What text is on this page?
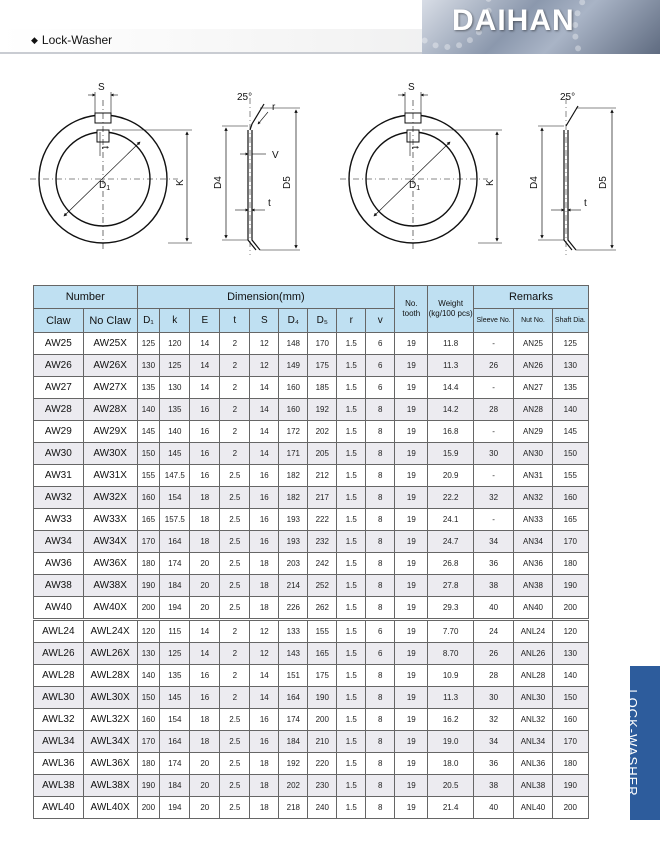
◆ Lock-Washer
DAIHAN
S
t
$D_1$
K
25°
r
V
D4	D5
t
S
t
$D_1$
K
25°
D4	D5
t
Number		Dimension(mm)									No. tooth	Weight (kg/100 pcs)	Remarks		
Claw	No Claw	D₁	k	E	t	S	D₄	D₅	r	v			Sleeve No.	Nut No.	Shaft Dia.
AW25	AW25X	125	120	14	2	12	148	170	1.5	6	19	11.8	-	AN25	125
AW26	AW26X	130	125	14	2	12	149	175	1.5	6	19	11.3	26	AN26	130
AW27	AW27X	135	130	14	2	14	160	185	1.5	6	19	14.4	-	AN27	135
AW28	AW28X	140	135	16	2	14	160	192	1.5	8	19	14.2	28	AN28	140
AW29	AW29X	145	140	16	2	14	172	202	1.5	8	19	16.8	-	AN29	145
AW30	AW30X	150	145	16	2	14	171	205	1.5	8	19	15.9	30	AN30	150
AW31	AW31X	155	147.5	16	2.5	16	182	212	1.5	8	19	20.9	-	AN31	155
AW32	AW32X	160	154	18	2.5	16	182	217	1.5	8	19	22.2	32	AN32	160
AW33	AW33X	165	157.5	18	2.5	16	193	222	1.5	8	19	24.1	-	AN33	165
AW34	AW34X	170	164	18	2.5	16	193	232	1.5	8	19	24.7	34	AN34	170
AW36	AW36X	180	174	20	2.5	18	203	242	1.5	8	19	26.8	36	AN36	180
AW38	AW38X	190	184	20	2.5	18	214	252	1.5	8	19	27.8	38	AN38	190
AW40	AW40X	200	194	20	2.5	18	226	262	1.5	8	19	29.3	40	AN40	200
AWL24	AWL24X	120	115	14	2	12	133	155	1.5	6	19	7.70	24	ANL24	120
AWL26	AWL26X	130	125	14	2	12	143	165	1.5	6	19	8.70	26	ANL26	130
AWL28	AWL28X	140	135	16	2	14	151	175	1.5	8	19	10.9	28	ANL28	140
AWL30	AWL30X	150	145	16	2	14	164	190	1.5	8	19	11.3	30	ANL30	150
AWL32	AWL32X	160	154	18	2.5	16	174	200	1.5	8	19	16.2	32	ANL32	160
AWL34	AWL34X	170	164	18	2.5	16	184	210	1.5	8	19	19.0	34	ANL34	170
AWL36	AWL36X	180	174	20	2.5	18	192	220	1.5	8	19	18.0	36	ANL36	180
AWL38	AWL38X	190	184	20	2.5	18	202	230	1.5	8	19	20.5	38	ANL38	190
AWL40	AWL40X	200	194	20	2.5	18	218	240	1.5	8	19	21.4	40	ANL40	200
LOCK-WASHER
